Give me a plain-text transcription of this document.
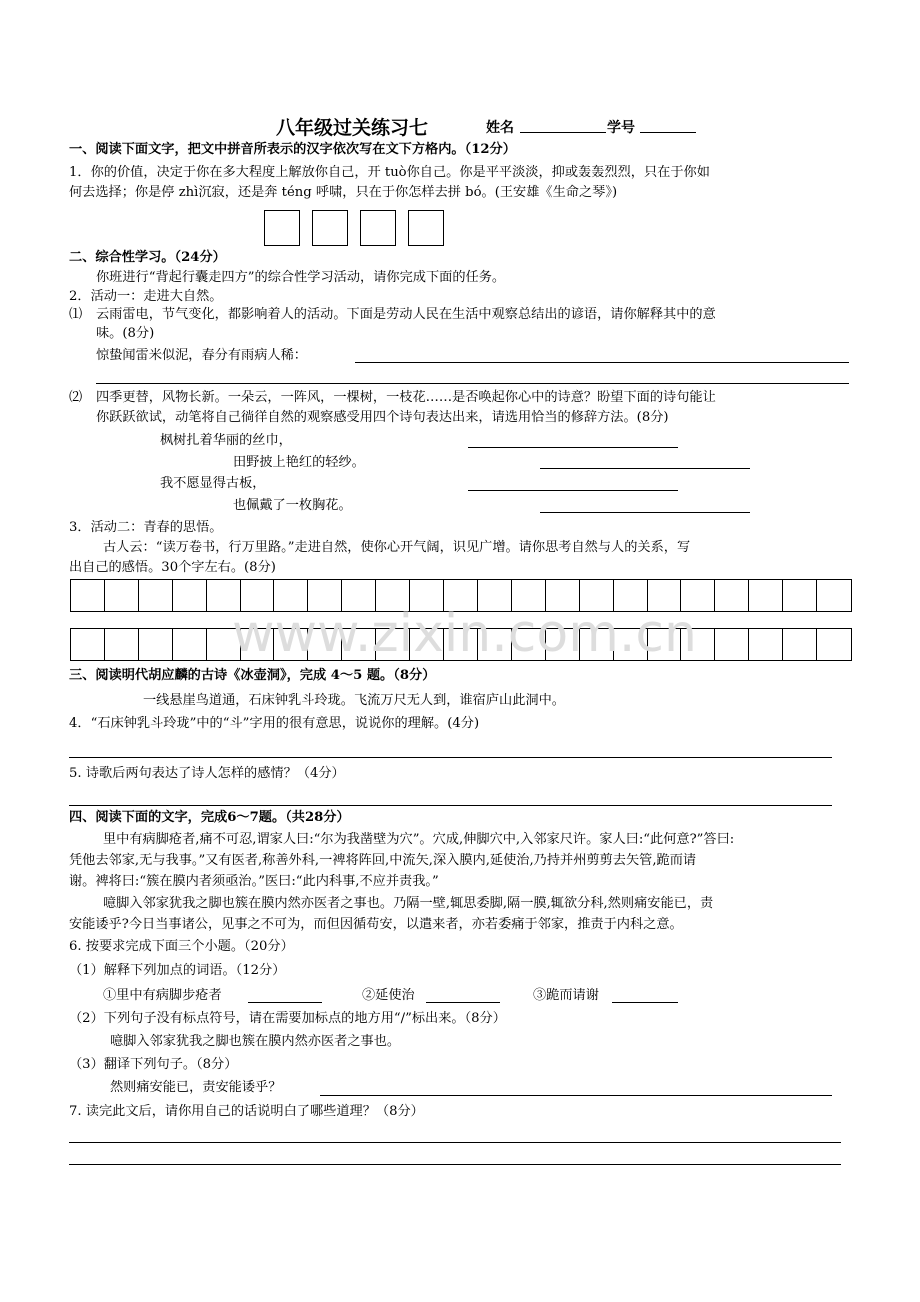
八年级过关练习七	姓名	学号
一、阅读下面文字，把文中拼音所表示的汉字依次写在文下方格内。（12分）
1．你的价值，决定于你在多大程度上解放你自己，开 tuò你自己。你是平平淡淡，抑或轰轰烈烈，只在于你如
何去选择；你是停 zhì沉寂，还是奔 téng 呼啸，只在于你怎样去拼 bó。(王安雄《生命之琴》)
二、综合性学习。（24分）
你班进行“背起行囊走四方”的综合性学习活动，请你完成下面的任务。
2．活动一：走进大自然。
⑴ 云雨雷电，节气变化，都影响着人的活动。下面是劳动人民在生活中观察总结出的谚语，请你解释其中的意
味。(8分)
惊蛰闻雷米似泥，春分有雨病人稀：
⑵ 四季更替，风物长新。一朵云，一阵风，一棵树，一枝花……是否唤起你心中的诗意？盼望下面的诗句能让
你跃跃欲试，动笔将自己徜徉自然的观察感受用四个诗句表达出来，请选用恰当的修辞方法。(8分)
枫树扎着华丽的丝巾，
田野披上艳红的轻纱。
我不愿显得古板，
也佩戴了一枚胸花。
3．活动二：青春的思悟。
古人云：“读万卷书，行万里路。”走进自然，使你心开气阔，识见广增。请你思考自然与人的关系，写
出自己的感悟。30个字左右。(8分)
www.zixin.com.cn
三、阅读明代胡应麟的古诗《冰壶洞》，完成 4～5 题。（8分）
一线悬崖鸟道通，石床钟乳斗玲珑。飞流万尺无人到，谁宿庐山此洞中。
4．“石床钟乳斗玲珑”中的“斗”字用的很有意思，说说你的理解。(4分)
5. 诗歌后两句表达了诗人怎样的感情？（4分）
四、阅读下面的文字，完成6～7题。（共28分）
里中有病脚疮者,痛不可忍,谓家人曰:“尔为我凿壁为穴”。穴成,伸脚穴中,入邻家尺许。家人曰:“此何意?”答曰:
凭他去邻家,无与我事。”又有医者,称善外科,一裨将阵回,中流矢,深入膜内,延使治,乃持并州剪剪去矢管,跪而请
谢。裨将曰:“簇在膜内者须亟治。”医曰:“此内科事,不应并责我。”
噫脚入邻家犹我之脚也簇在膜内然亦医者之事也。乃隔一壁,辄思委脚,隔一膜,辄欲分科,然则痛安能已，责
安能诿乎?今日当事诸公，见事之不可为，而但因循苟安，以遣来者，亦若委痛于邻家，推责于内科之意。
6. 按要求完成下面三个小题。（20分）
（1）解释下列加点的词语。（12分）
①里中有病脚步疮者	②延使治	③跪而请谢
（2）下列句子没有标点符号，请在需要加标点的地方用“/”标出来。（8分）
噫脚入邻家犹我之脚也簇在膜内然亦医者之事也。
（3）翻译下列句子。（8分）
然则痛安能已，责安能诿乎？
7. 读完此文后，请你用自己的话说明白了哪些道理？（8分）
